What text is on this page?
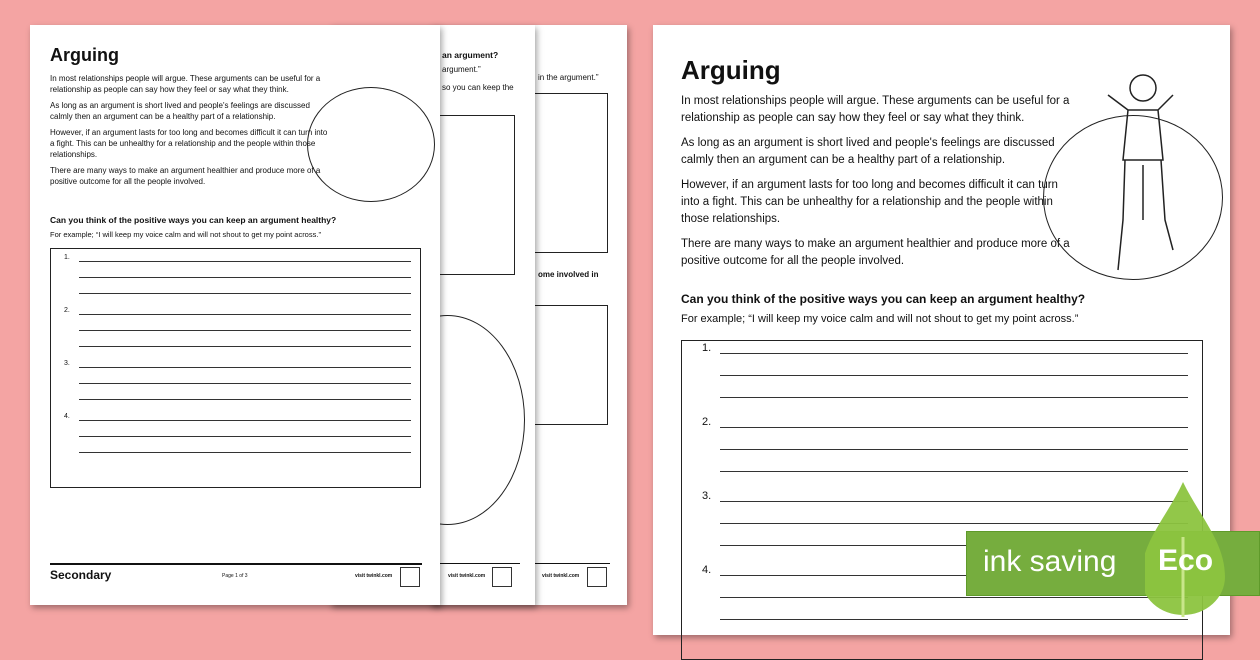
in the argument.”
ome involved in
visit twinkl.com
an argument?
argument.”
so you can keep the
visit twinkl.com
Arguing

In most relationships people will argue. These arguments can be useful for a relationship as people can say how they feel or say what they think.

As long as an argument is short lived and people's feelings are discussed calmly then an argument can be a healthy part of a relationship.

However, if an argument lasts for too long and becomes difficult it can turn into a fight. This can be unhealthy for a relationship and the people within those relationships.

There are many ways to make an argument healthier and produce more of a positive outcome for all the people involved.

Can you think of the positive ways you can keep an argument healthy?
For example; “I will keep my voice calm and will not shout to get my point across.”
1.
2.
3.
4.
Secondary	Page 1 of 3	visit twinkl.com
Arguing

In most relationships people will argue. These arguments can be useful for a relationship as people can say how they feel or say what they think.

As long as an argument is short lived and people's feelings are discussed calmly then an argument can be a healthy part of a relationship.

However, if an argument lasts for too long and becomes difficult it can turn into a fight. This can be unhealthy for a relationship and the people within those relationships.

There are many ways to make an argument healthier and produce more of a positive outcome for all the people involved.

Can you think of the positive ways you can keep an argument healthy?
For example; “I will keep my voice calm and will not shout to get my point across.”
1.
2.
3.
4.	ink saving Eco
